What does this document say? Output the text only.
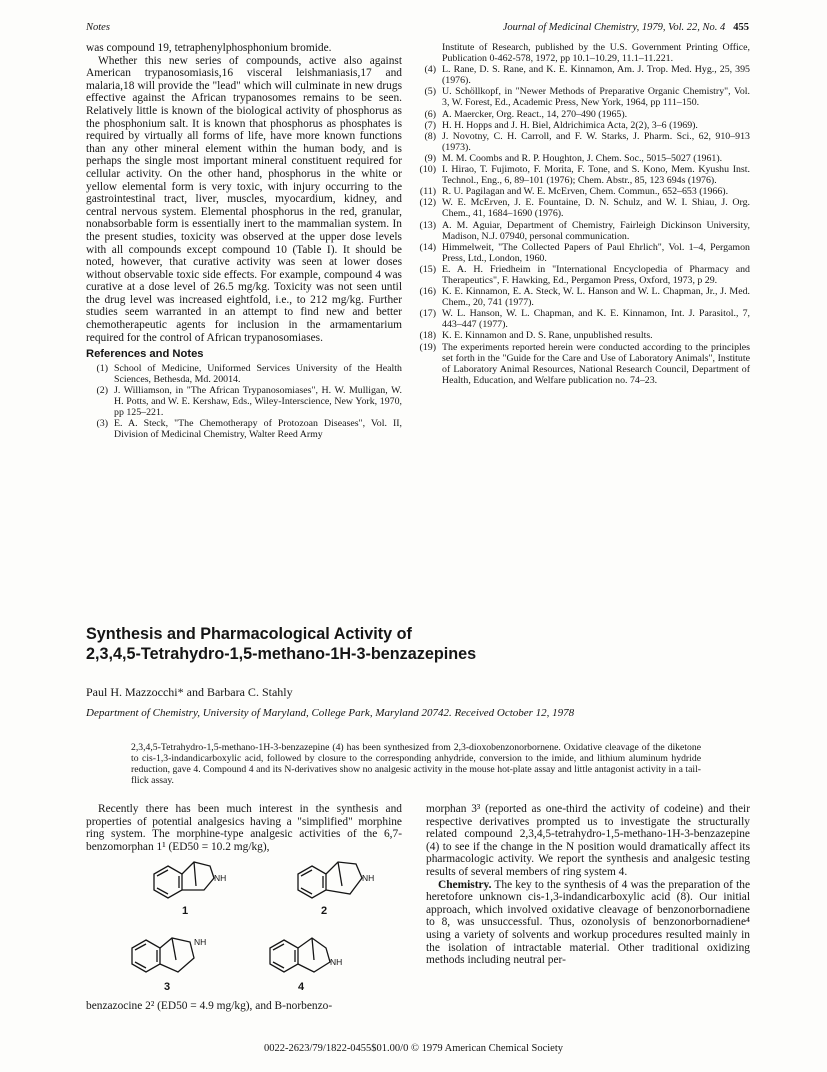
Notes	Journal of Medicinal Chemistry, 1979, Vol. 22, No. 4 455

was compound 19, tetraphenylphosphonium bromide.

Whether this new series of compounds, active also against American trypanosomiasis,16 visceral leishmaniasis,17 and malaria,18 will provide the "lead" which will culminate in new drugs effective against the African trypanosomes remains to be seen. Relatively little is known of the biological activity of phosphorus as the phosphonium salt. It is known that phosphorus as phosphates is required by virtually all forms of life, have more known functions than any other mineral element within the human body, and is perhaps the single most important mineral constituent required for cellular activity. On the other hand, phosphorus in the white or yellow elemental form is very toxic, with injury occurring to the gastrointestinal tract, liver, muscles, myocardium, kidney, and central nervous system. Elemental phosphorus in the red, granular, nonabsorbable form is essentially inert to the mammalian system. In the present studies, toxicity was observed at the upper dose levels with all compounds except compound 10 (Table I). It should be noted, however, that curative activity was seen at lower doses without observable toxic side effects. For example, compound 4 was curative at a dose level of 26.5 mg/kg. Toxicity was not seen until the drug level was increased eightfold, i.e., to 212 mg/kg. Further studies seem warranted in an attempt to find new and better chemotherapeutic agents for inclusion in the armamentarium required for the control of African trypanosomiases.

References and Notes
(1) School of Medicine, Uniformed Services University of the Health Sciences, Bethesda, Md. 20014.
(2) J. Williamson, in "The African Trypanosomiases", H. W. Mulligan, W. H. Potts, and W. E. Kershaw, Eds., Wiley-Interscience, New York, 1970, pp 125–221.
(3) E. A. Steck, "The Chemotherapy of Protozoan Diseases", Vol. II, Division of Medicinal Chemistry, Walter Reed Army
Institute of Research, published by the U.S. Government Printing Office, Publication 0-462-578, 1972, pp 10.1–10.29, 11.1–11.221.
(4) L. Rane, D. S. Rane, and K. E. Kinnamon, Am. J. Trop. Med. Hyg., 25, 395 (1976).
(5) U. Schöllkopf, in "Newer Methods of Preparative Organic Chemistry", Vol. 3, W. Forest, Ed., Academic Press, New York, 1964, pp 111–150.
(6) A. Maercker, Org. React., 14, 270–490 (1965).
(7) H. H. Hopps and J. H. Biel, Aldrichimica Acta, 2(2), 3–6 (1969).
(8) J. Novotny, C. H. Carroll, and F. W. Starks, J. Pharm. Sci., 62, 910–913 (1973).
(9) M. M. Coombs and R. P. Houghton, J. Chem. Soc., 5015–5027 (1961).
(10) I. Hirao, T. Fujimoto, F. Morita, F. Tone, and S. Kono, Mem. Kyushu Inst. Technol., Eng., 6, 89–101 (1976); Chem. Abstr., 85, 123 694s (1976).
(11) R. U. Pagilagan and W. E. McErven, Chem. Commun., 652–653 (1966).
(12) W. E. McErven, J. E. Fountaine, D. N. Schulz, and W. I. Shiau, J. Org. Chem., 41, 1684–1690 (1976).
(13) A. M. Aguiar, Department of Chemistry, Fairleigh Dickinson University, Madison, N.J. 07940, personal communication.
(14) Himmelweit, "The Collected Papers of Paul Ehrlich", Vol. 1–4, Pergamon Press, Ltd., London, 1960.
(15) E. A. H. Friedheim in "International Encyclopedia of Pharmacy and Therapeutics", F. Hawking, Ed., Pergamon Press, Oxford, 1973, p 29.
(16) K. E. Kinnamon, E. A. Steck, W. L. Hanson and W. L. Chapman, Jr., J. Med. Chem., 20, 741 (1977).
(17) W. L. Hanson, W. L. Chapman, and K. E. Kinnamon, Int. J. Parasitol., 7, 443–447 (1977).
(18) K. E. Kinnamon and D. S. Rane, unpublished results.
(19) The experiments reported herein were conducted according to the principles set forth in the "Guide for the Care and Use of Laboratory Animals", Institute of Laboratory Animal Resources, National Research Council, Department of Health, Education, and Welfare publication no. 74–23.
Synthesis and Pharmacological Activity of
2,3,4,5-Tetrahydro-1,5-methano-1H-3-benzazepines
Paul H. Mazzocchi* and Barbara C. Stahly
Department of Chemistry, University of Maryland, College Park, Maryland 20742. Received October 12, 1978
2,3,4,5-Tetrahydro-1,5-methano-1H-3-benzazepine (4) has been synthesized from 2,3-dioxobenzonorbornene. Oxidative cleavage of the diketone to cis-1,3-indandicarboxylic acid, followed by closure to the corresponding anhydride, conversion to the imide, and lithium aluminum hydride reduction, gave 4. Compound 4 and its N-derivatives show no analgesic activity in the mouse hot-plate assay and little antagonist activity in a tail-flick assay.

Recently there has been much interest in the synthesis and properties of potential analgesics having a "simplified" morphine ring system. The morphine-type analgesic activities of the 6,7-benzomorphan 1¹ (ED50 = 10.2 mg/kg),

NH	NH
NH
NH
1	2
3	4

benzazocine 2² (ED50 = 4.9 mg/kg), and B-norbenzo-

morphan 3³ (reported as one-third the activity of codeine) and their respective derivatives prompted us to investigate the structurally related compound 2,3,4,5-tetrahydro-1,5-methano-1H-3-benzazepine (4) to see if the change in the N position would dramatically affect its pharmacologic activity. We report the synthesis and analgesic testing results of several members of ring system 4.

Chemistry. The key to the synthesis of 4 was the preparation of the heretofore unknown cis-1,3-indandicarboxylic acid (8). Our initial approach, which involved oxidative cleavage of benzonorbornadiene to 8, was unsuccessful. Thus, ozonolysis of benzonorbornadiene⁴ using a variety of solvents and workup procedures resulted mainly in the isolation of intractable material. Other traditional oxidizing methods including neutral per-

0022-2623/79/1822-0455$01.00/0 © 1979 American Chemical Society
